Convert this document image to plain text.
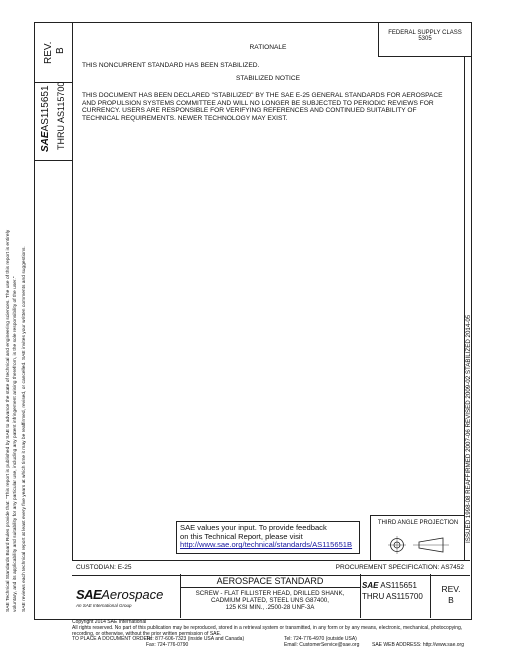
REV. B
SAEAS115651 THRU AS115700
FEDERAL SUPPLY CLASS
5305
RATIONALE
THIS NONCURRENT STANDARD HAS BEEN STABILIZED.
STABILIZED NOTICE
THIS DOCUMENT HAS BEEN DECLARED "STABILIZED" BY THE SAE E-25 GENERAL STANDARDS FOR AEROSPACE AND PROPULSION SYSTEMS COMMITTEE AND WILL NO LONGER BE SUBJECTED TO PERIODIC REVIEWS FOR CURRENCY. USERS ARE RESPONSIBLE FOR VERIFYING REFERENCES AND CONTINUED SUITABILITY OF TECHNICAL REQUIREMENTS. NEWER TECHNOLOGY MAY EXIST.
SAE Technical Standards Board Rules provide that: "This report is published by SAE to advance the state of technical and engineering sciences. The use of this report is entirely voluntary, and its applicability and suitability for any particular use, including any patent infringement arising therefrom, is the sole responsibility of the user." SAE reviews each technical report at least every five years at which time it may be reaffirmed, revised, or cancelled. SAE invites your written comments and suggestions.	ISSUED 1998-08 REAFFIRMED 2007-06 REVISED 2009-02 STABILIZED 2014-05
SAE values your input. To provide feedback
on this Technical Report, please visit
http://www.sae.org/technical/standards/AS115651B
THIRD ANGLE PROJECTION
CUSTODIAN: E-25	PROCUREMENT SPECIFICATION: AS7452
SAEAerospace
An SAE International Group
AEROSPACE STANDARD
SCREW - FLAT FILLISTER HEAD, DRILLED SHANK,
CADMIUM PLATED, STEEL UNS G87400,
125 KSI MIN., .2500-28 UNF-3A
SAE AS115651
THRU AS115700
REV.
B
Copyright 2014 SAE International
All rights reserved. No part of this publication may be reproduced, stored in a retrieval system or transmitted, in any form or by any means, electronic, mechanical, photocopying,
recording, or otherwise, without the prior written permission of SAE.
TO PLACE A DOCUMENT ORDER:
Tel: 877-606-7323 (inside USA and Canada)	Tel: 724-776-4970 (outside USA)
Fax: 724-776-0790	Email: CustomerService@sae.org	SAE WEB ADDRESS: http://www.sae.org
